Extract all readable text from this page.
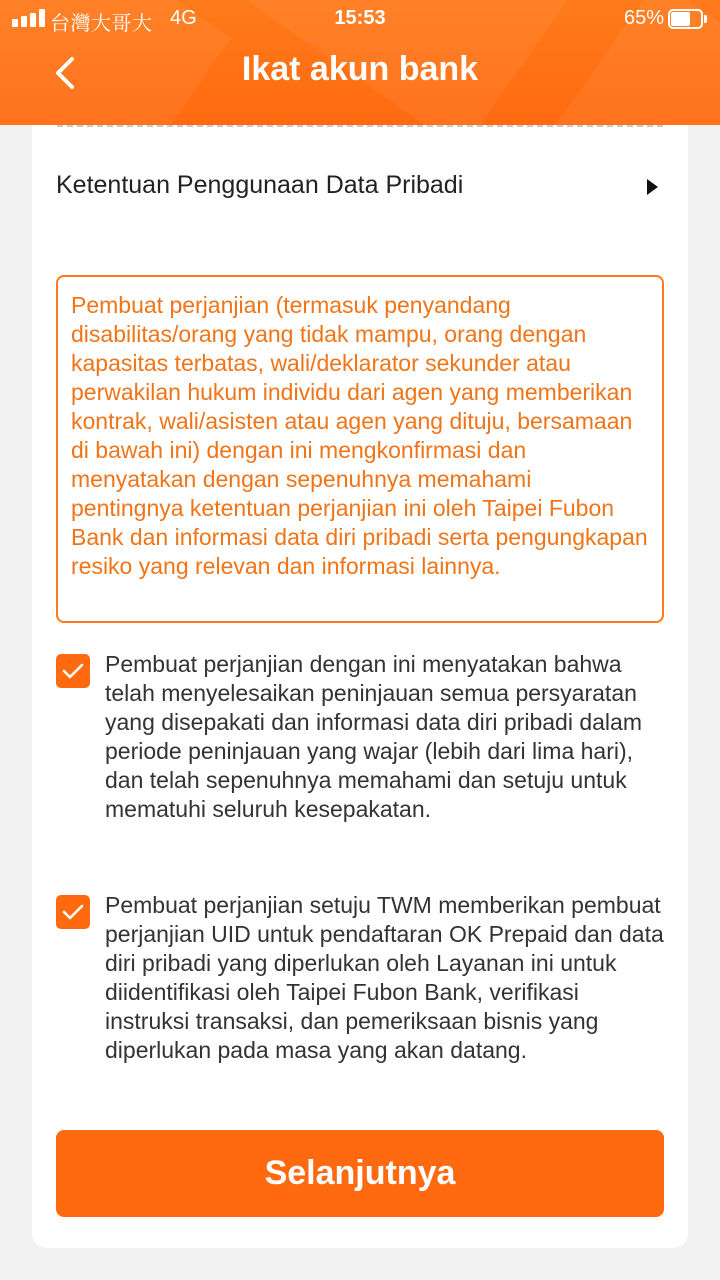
台灣大哥大 4G	15:53	65%
Ikat akun bank
Ketentuan Penggunaan Data Pribadi

Pembuat perjanjian (termasuk penyandang disabilitas/orang yang tidak mampu, orang dengan kapasitas terbatas, wali/deklarator sekunder atau perwakilan hukum individu dari agen yang memberikan kontrak, wali/asisten atau agen yang dituju, bersamaan di bawah ini) dengan ini mengkonfirmasi dan menyatakan dengan sepenuhnya memahami pentingnya ketentuan perjanjian ini oleh Taipei Fubon Bank dan informasi data diri pribadi serta pengungkapan resiko yang relevan dan informasi lainnya.

Pembuat perjanjian dengan ini menyatakan bahwa telah menyelesaikan peninjauan semua persyaratan yang disepakati dan informasi data diri pribadi dalam periode peninjauan yang wajar (lebih dari lima hari), dan telah sepenuhnya memahami dan setuju untuk mematuhi seluruh kesepakatan.

Pembuat perjanjian setuju TWM memberikan pembuat perjanjian UID untuk pendaftaran OK Prepaid dan data diri pribadi yang diperlukan oleh Layanan ini untuk diidentifikasi oleh Taipei Fubon Bank, verifikasi instruksi transaksi, dan pemeriksaan bisnis yang diperlukan pada masa yang akan datang.

Selanjutnya
